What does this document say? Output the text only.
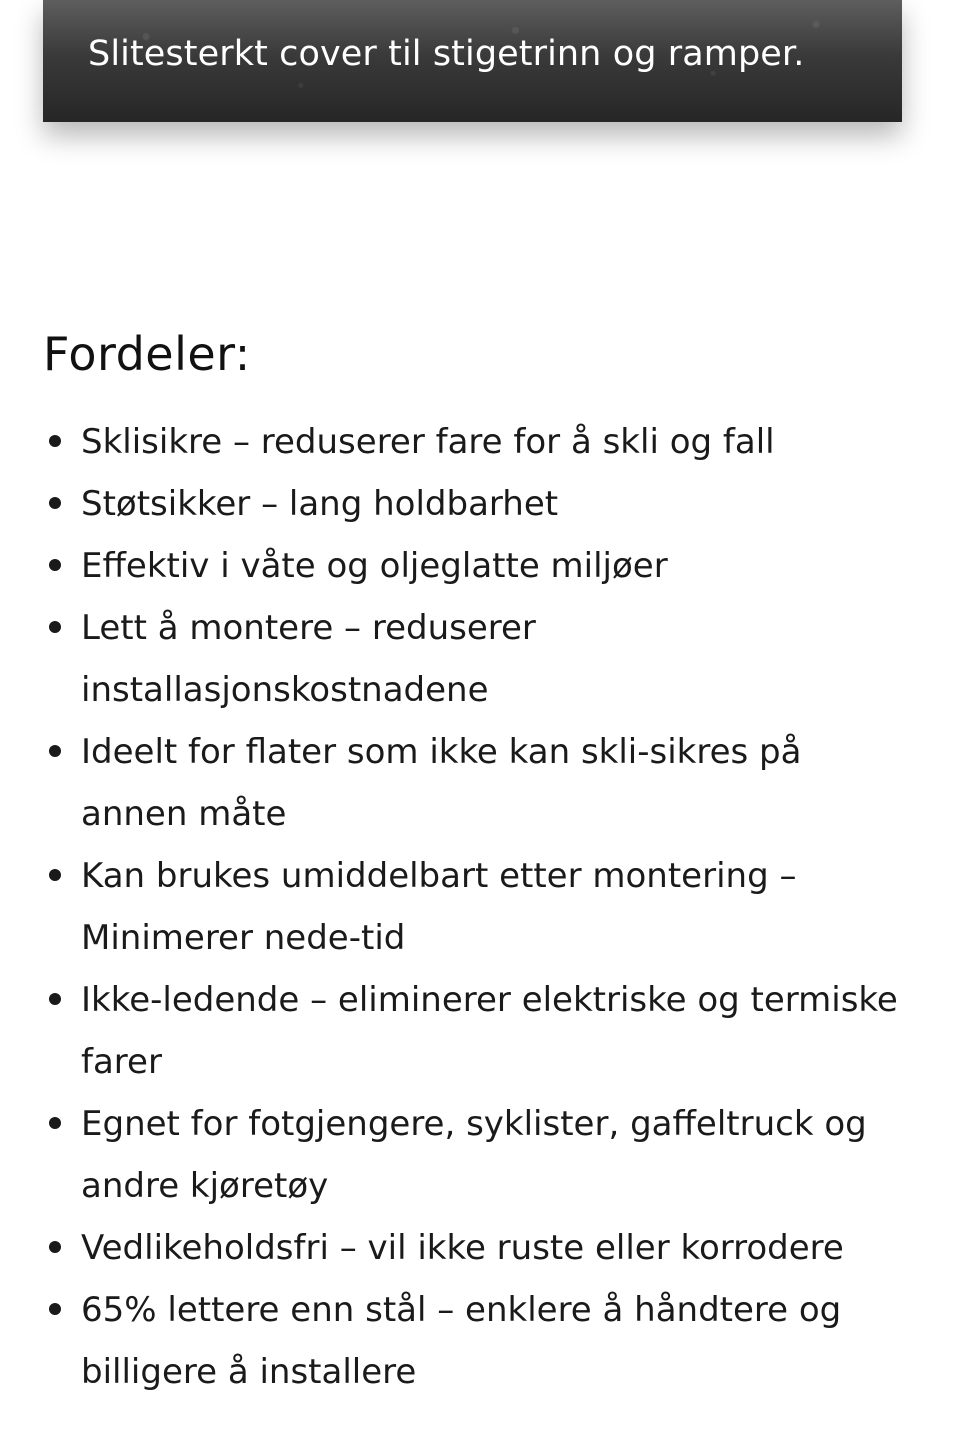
Slitesterkt cover til stigetrinn og ramper.
Fordeler:
Sklisikre – reduserer fare for å skli og fall
Støtsikker – lang holdbarhet
Effektiv i våte og oljeglatte miljøer
Lett å montere – reduserer installasjonskostnadene
Ideelt for flater som ikke kan skli-sikres på annen måte
Kan brukes umiddelbart etter montering – Minimerer nede-tid
Ikke-ledende – eliminerer elektriske og termiske farer
Egnet for fotgjengere, syklister, gaffeltruck og andre kjøretøy
Vedlikeholdsfri – vil ikke ruste eller korrodere
65% lettere enn stål – enklere å håndtere og billigere å installere
